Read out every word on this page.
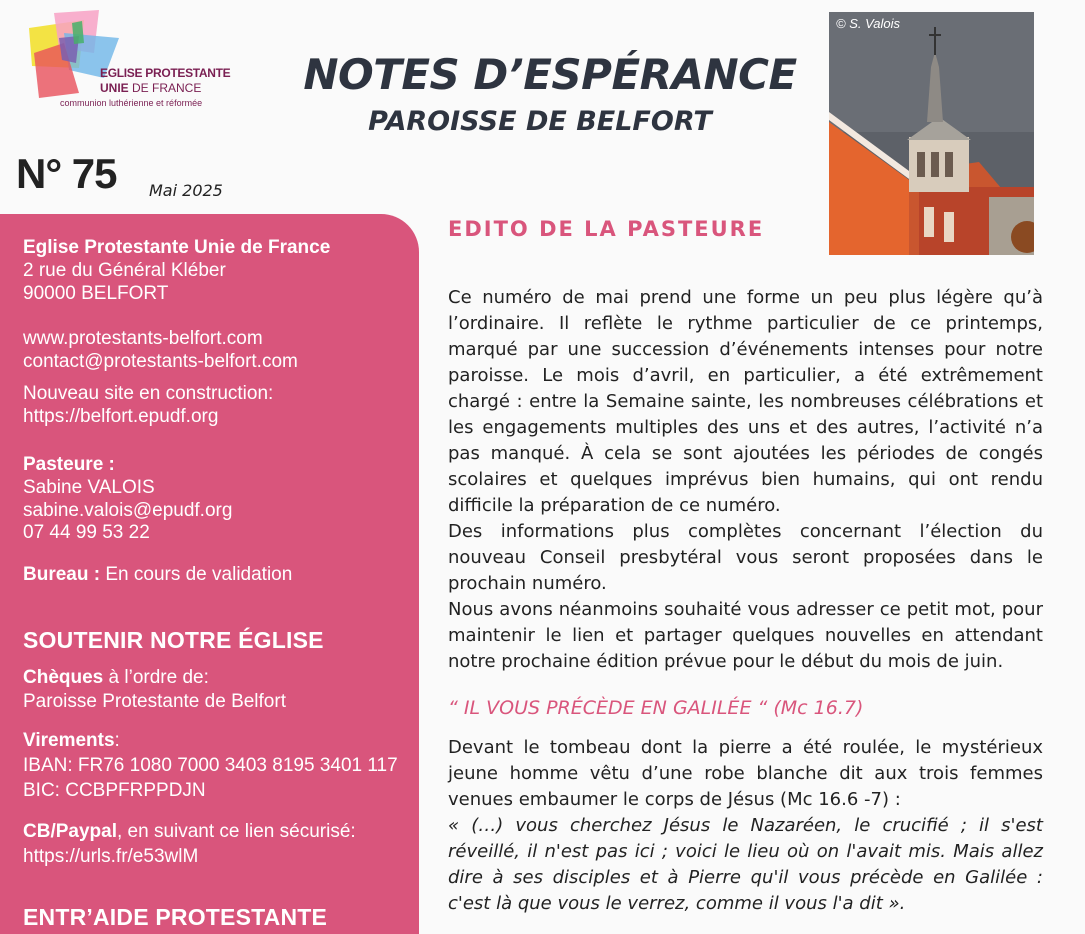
EGLISE PROTESTANTE
UNIE DE FRANCE
communion luthérienne et réformée
NOTES D’ESPÉRANCE
PAROISSE DE BELFORT
N° 75 Mai 2025
© S. Valois
Eglise Protestante Unie de France
2 rue du Général Kléber
90000 BELFORT
www.protestants-belfort.com
contact@protestants-belfort.com
Nouveau site en construction:
https://belfort.epudf.org
Pasteure :
Sabine VALOIS
sabine.valois@epudf.org
07 44 99 53 22
Bureau : En cours de validation
SOUTENIR NOTRE ÉGLISE
Chèques à l’ordre de:
Paroisse Protestante de Belfort
Virements:
IBAN: FR76 1080 7000 3403 8195 3401 117
BIC: CCBPFRPPDJN
CB/Paypal, en suivant ce lien sécurisé:
https://urls.fr/e53wlM
ENTR’AIDE PROTESTANTE
EDITO DE LA PASTEURE
Ce numéro de mai prend une forme un peu plus légère qu’à l’ordinaire. Il reflète le rythme particulier de ce printemps, marqué par une succession d’événements intenses pour notre paroisse. Le mois d’avril, en particulier, a été extrêmement chargé : entre la Semaine sainte, les nombreuses célébrations et les engagements multiples des uns et des autres, l’activité n’a pas manqué. À cela se sont ajoutées les périodes de congés scolaires et quelques imprévus bien humains, qui ont rendu difficile la préparation de ce numéro.
Des informations plus complètes concernant l’élection du nouveau Conseil presbytéral vous seront proposées dans le prochain numéro.
Nous avons néanmoins souhaité vous adresser ce petit mot, pour maintenir le lien et partager quelques nouvelles en attendant notre prochaine édition prévue pour le début du mois de juin.
“ IL VOUS PRÉCÈDE EN GALILÉE “ (Mc 16.7)
Devant le tombeau dont la pierre a été roulée, le mystérieux jeune homme vêtu d’une robe blanche dit aux trois femmes venues embaumer le corps de Jésus (Mc 16.6 -7) :
« (…) vous cherchez Jésus le Nazaréen, le crucifié ; il s'est réveillé, il n'est pas ici ; voici le lieu où on l'avait mis. Mais allez dire à ses disciples et à Pierre qu'il vous précède en Galilée : c'est là que vous le verrez, comme il vous l'a dit ».
